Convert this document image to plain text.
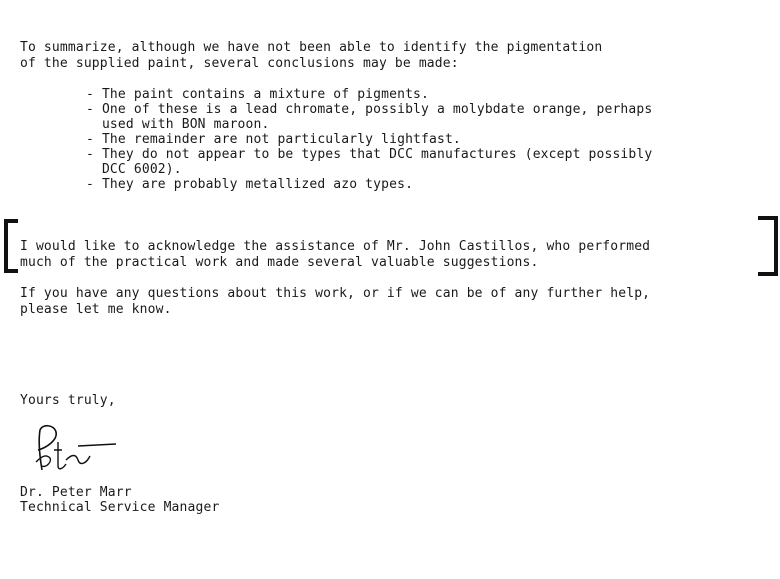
To summarize, although we have not been able to identify the pigmentation
of the supplied paint, several conclusions may be made:
- The paint contains a mixture of pigments.
- One of these is a lead chromate, possibly a molybdate orange, perhaps
used with BON maroon.
- The remainder are not particularly lightfast.
- They do not appear to be types that DCC manufactures (except possibly
DCC 6002).
- They are probably metallized azo types.
I would like to acknowledge the assistance of Mr. John Castillos, who performed
much of the practical work and made several valuable suggestions.
If you have any questions about this work, or if we can be of any further help,
please let me know.
Yours truly,
Dr. Peter Marr
Technical Service Manager
